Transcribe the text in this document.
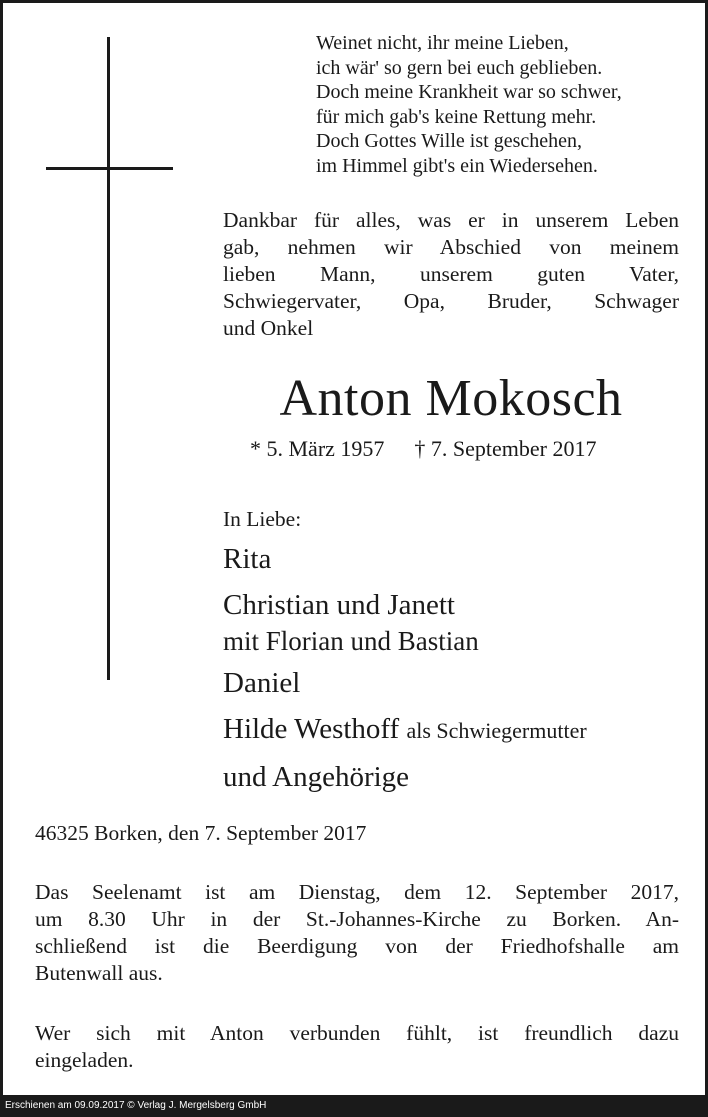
Weinet nicht, ihr meine Lieben,
ich wär' so gern bei euch geblieben.
Doch meine Krankheit war so schwer,
für mich gab's keine Rettung mehr.
Doch Gottes Wille ist geschehen,
im Himmel gibt's ein Wiedersehen.
Dankbar für alles, was er in unserem Leben
gab, nehmen wir Abschied von meinem
lieben Mann, unserem guten Vater,
Schwiegervater, Opa, Bruder, Schwager
und Onkel
Anton Mokosch
* 5. März 1957 † 7. September 2017
In Liebe:
Rita
Christian und Janett
mit Florian und Bastian
Daniel
Hilde Westhoff als Schwiegermutter
und Angehörige
46325 Borken, den 7. September 2017
Das Seelenamt ist am Dienstag, dem 12. September 2017,
um 8.30 Uhr in der St.-Johannes-Kirche zu Borken. An-
schließend ist die Beerdigung von der Friedhofshalle am
Butenwall aus.
Wer sich mit Anton verbunden fühlt, ist freundlich dazu
eingeladen.
Erschienen am 09.09.2017 © Verlag J. Mergelsberg GmbH
